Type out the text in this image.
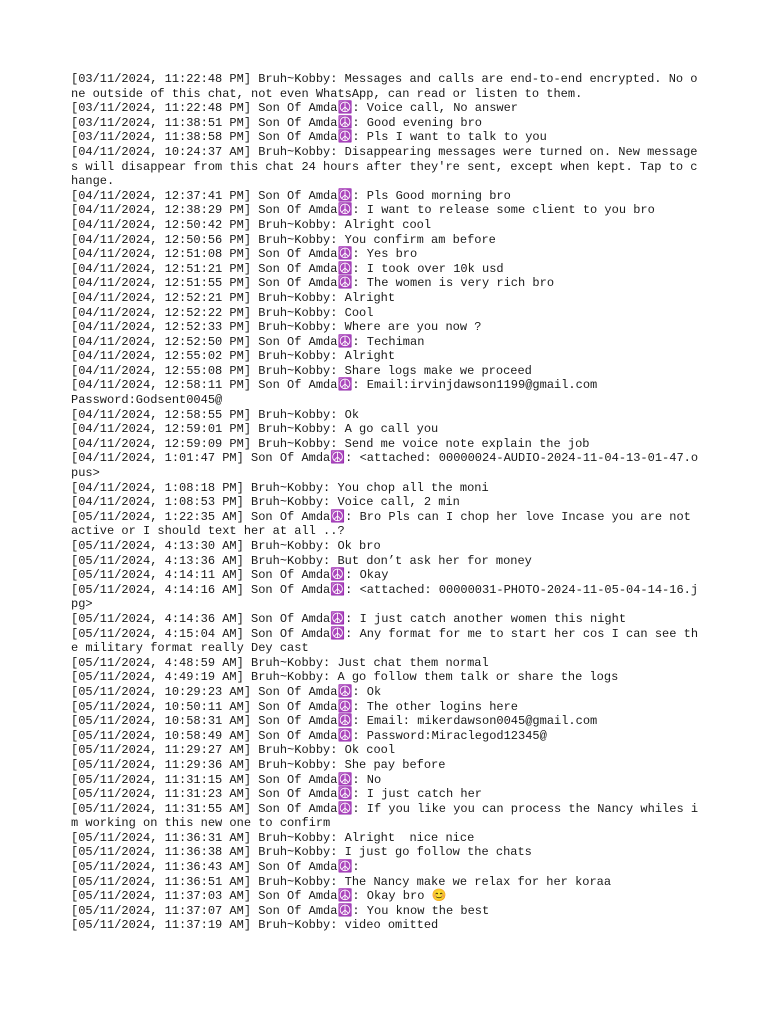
[03/11/2024, 11:22:48 PM] Bruh~Kobby: Messages and calls are end-to-end encrypted. No one outside of this chat, not even WhatsApp, can read or listen to them.

[03/11/2024, 11:22:48 PM] Son Of Amda☮️: Voice call, No answer

[03/11/2024, 11:38:51 PM] Son Of Amda☮️: Good evening bro

[03/11/2024, 11:38:58 PM] Son Of Amda☮️: Pls I want to talk to you

[04/11/2024, 10:24:37 AM] Bruh~Kobby: Disappearing messages were turned on. New messages will disappear from this chat 24 hours after they're sent, except when kept. Tap to change.

[04/11/2024, 12:37:41 PM] Son Of Amda☮️: Pls Good morning bro

[04/11/2024, 12:38:29 PM] Son Of Amda☮️: I want to release some client to you bro

[04/11/2024, 12:50:42 PM] Bruh~Kobby: Alright cool

[04/11/2024, 12:50:56 PM] Bruh~Kobby: You confirm am before

[04/11/2024, 12:51:08 PM] Son Of Amda☮️: Yes bro

[04/11/2024, 12:51:21 PM] Son Of Amda☮️: I took over 10k usd

[04/11/2024, 12:51:55 PM] Son Of Amda☮️: The women is very rich bro

[04/11/2024, 12:52:21 PM] Bruh~Kobby: Alright

[04/11/2024, 12:52:22 PM] Bruh~Kobby: Cool

[04/11/2024, 12:52:33 PM] Bruh~Kobby: Where are you now ?

[04/11/2024, 12:52:50 PM] Son Of Amda☮️: Techiman

[04/11/2024, 12:55:02 PM] Bruh~Kobby: Alright

[04/11/2024, 12:55:08 PM] Bruh~Kobby: Share logs make we proceed

[04/11/2024, 12:58:11 PM] Son Of Amda☮️: Email:irvinjdawson1199@gmail.com
Password:Godsent0045@

[04/11/2024, 12:58:55 PM] Bruh~Kobby: Ok

[04/11/2024, 12:59:01 PM] Bruh~Kobby: A go call you

[04/11/2024, 12:59:09 PM] Bruh~Kobby: Send me voice note explain the job

[04/11/2024, 1:01:47 PM] Son Of Amda☮️: <attached: 00000024-AUDIO-2024-11-04-13-01-47.opus>

[04/11/2024, 1:08:18 PM] Bruh~Kobby: You chop all the moni

[04/11/2024, 1:08:53 PM] Bruh~Kobby: Voice call, 2 min

[05/11/2024, 1:22:35 AM] Son Of Amda☮️: Bro Pls can I chop her love Incase you are not active or I should text her at all ..?

[05/11/2024, 4:13:30 AM] Bruh~Kobby: Ok bro

[05/11/2024, 4:13:36 AM] Bruh~Kobby: But don’t ask her for money

[05/11/2024, 4:14:11 AM] Son Of Amda☮️: Okay

[05/11/2024, 4:14:16 AM] Son Of Amda☮️: <attached: 00000031-PHOTO-2024-11-05-04-14-16.jpg>

[05/11/2024, 4:14:36 AM] Son Of Amda☮️: I just catch another women this night

[05/11/2024, 4:15:04 AM] Son Of Amda☮️: Any format for me to start her cos I can see the military format really Dey cast

[05/11/2024, 4:48:59 AM] Bruh~Kobby: Just chat them normal

[05/11/2024, 4:49:19 AM] Bruh~Kobby: A go follow them talk or share the logs

[05/11/2024, 10:29:23 AM] Son Of Amda☮️: Ok

[05/11/2024, 10:50:11 AM] Son Of Amda☮️: The other logins here

[05/11/2024, 10:58:31 AM] Son Of Amda☮️: Email: mikerdawson0045@gmail.com

[05/11/2024, 10:58:49 AM] Son Of Amda☮️: Password:Miraclegod12345@

[05/11/2024, 11:29:27 AM] Bruh~Kobby: Ok cool

[05/11/2024, 11:29:36 AM] Bruh~Kobby: She pay before

[05/11/2024, 11:31:15 AM] Son Of Amda☮️: No

[05/11/2024, 11:31:23 AM] Son Of Amda☮️: I just catch her

[05/11/2024, 11:31:55 AM] Son Of Amda☮️: If you like you can process the Nancy whiles im working on this new one to confirm

[05/11/2024, 11:36:31 AM] Bruh~Kobby: Alright  nice nice

[05/11/2024, 11:36:38 AM] Bruh~Kobby: I just go follow the chats

[05/11/2024, 11:36:43 AM] Son Of Amda☮️:

[05/11/2024, 11:36:51 AM] Bruh~Kobby: The Nancy make we relax for her koraa

[05/11/2024, 11:37:03 AM] Son Of Amda☮️: Okay bro 😊

[05/11/2024, 11:37:07 AM] Son Of Amda☮️: You know the best

[05/11/2024, 11:37:19 AM] Bruh~Kobby: video omitted
